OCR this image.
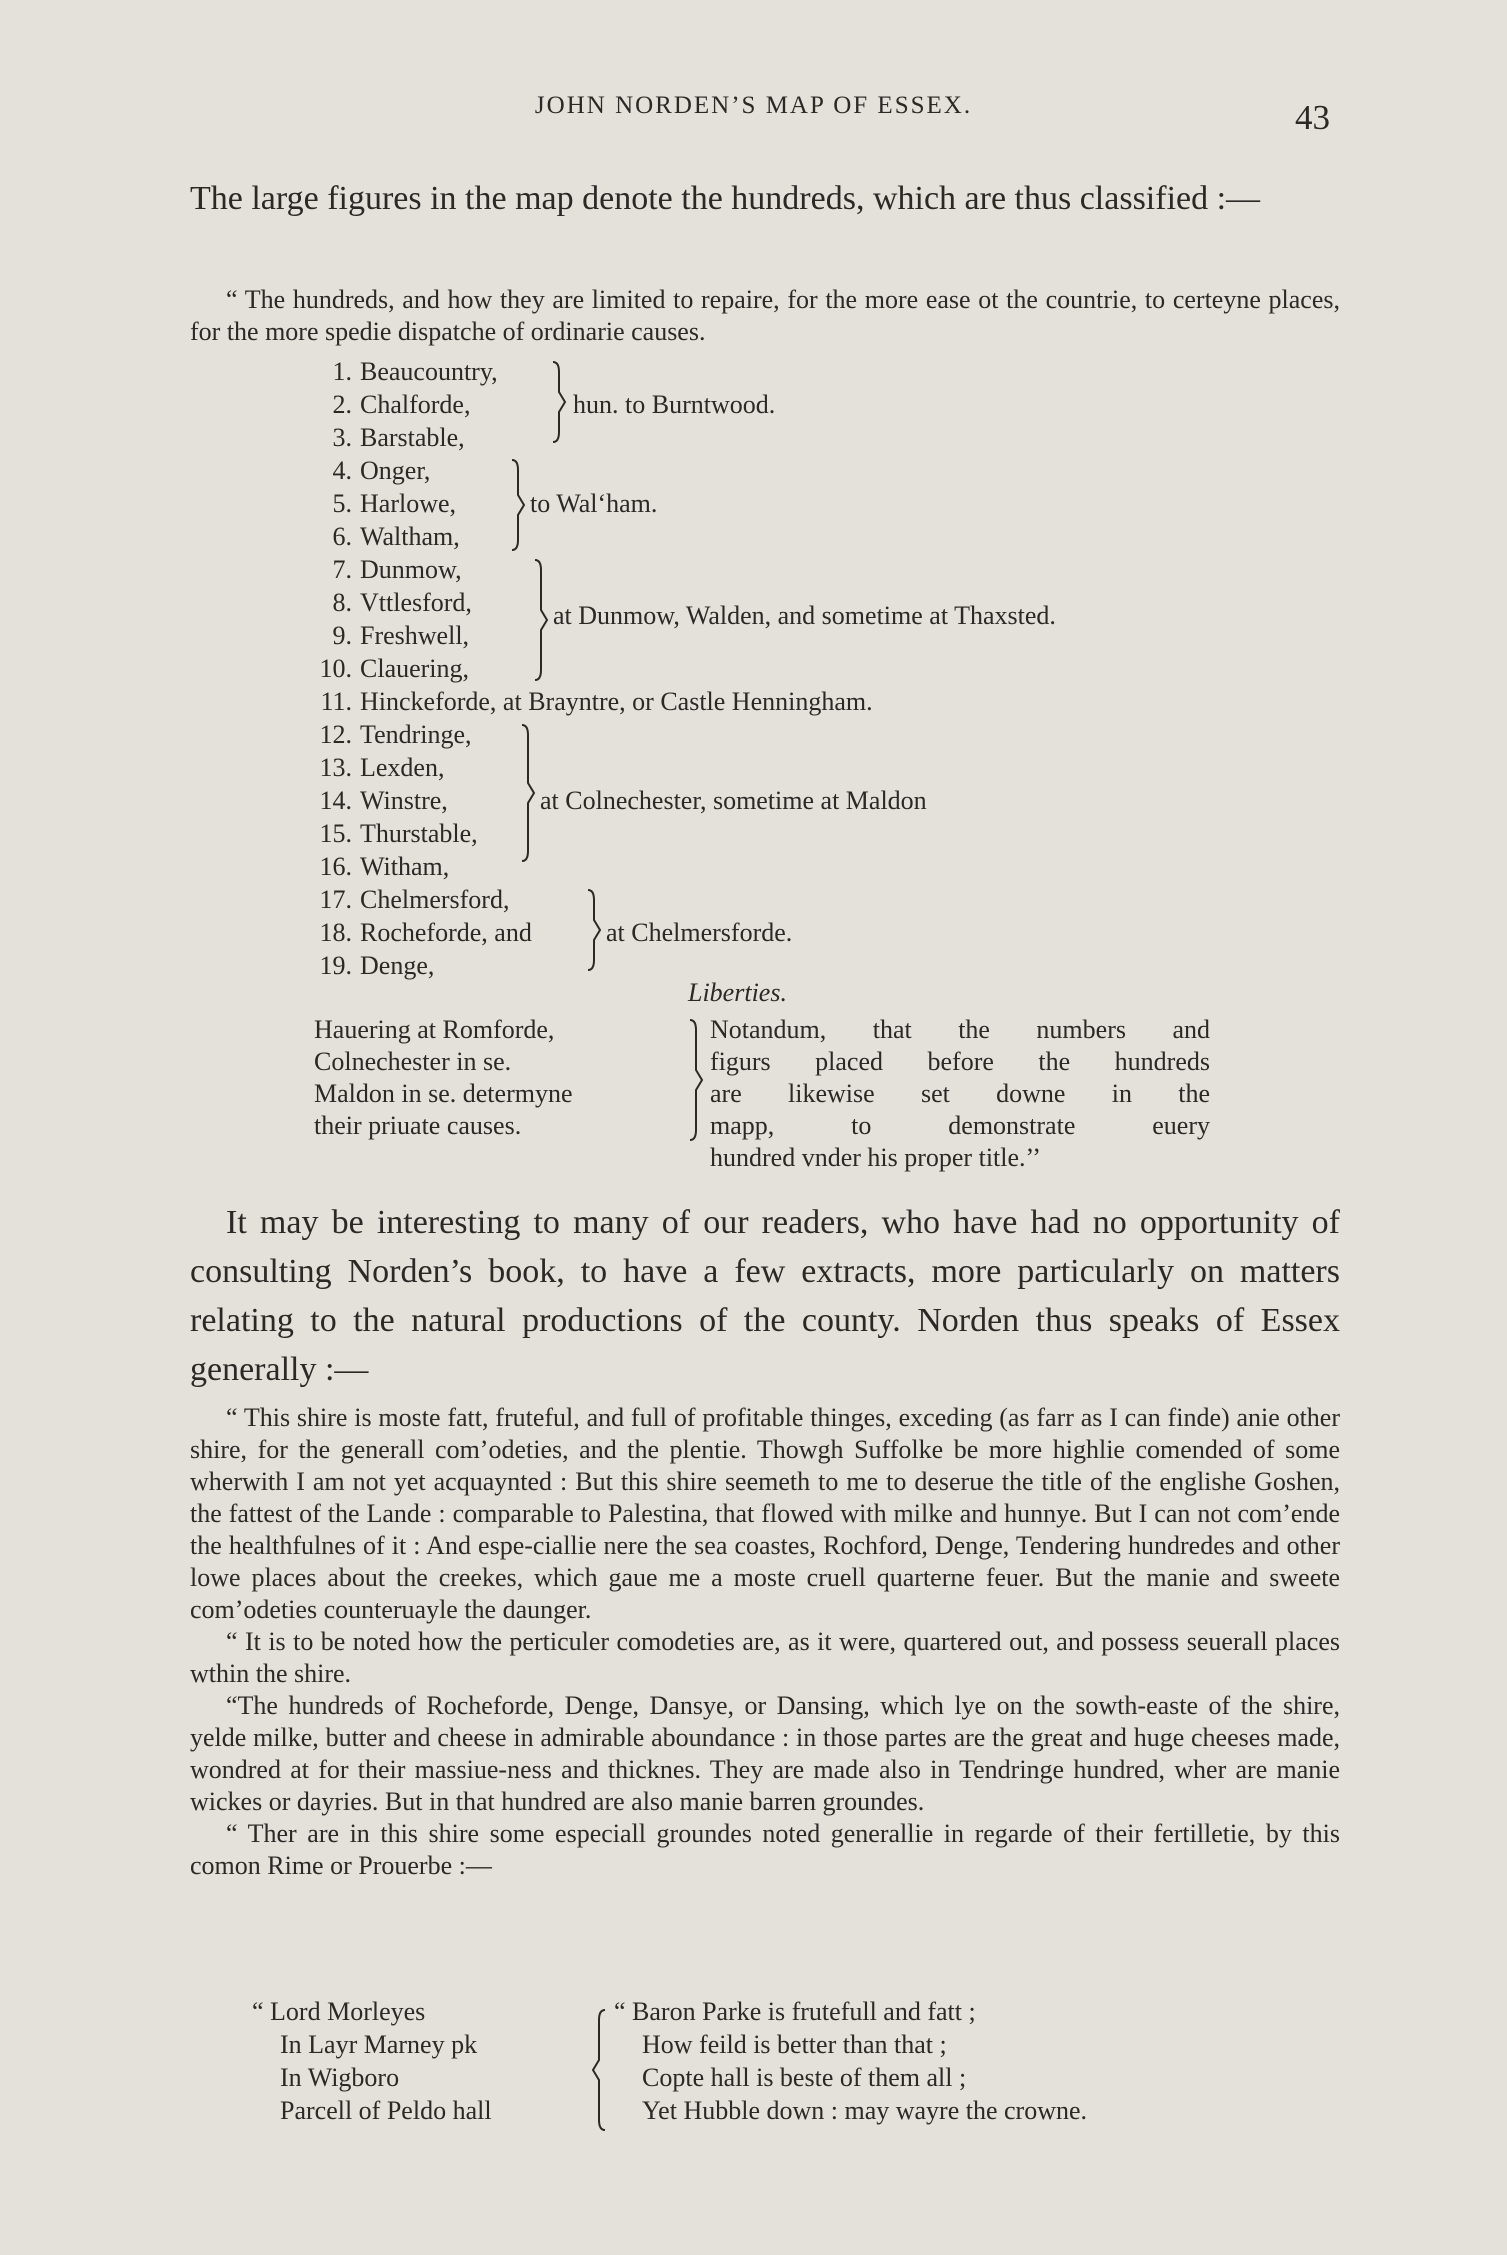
JOHN NORDEN’S MAP OF ESSEX.	43

The large figures in the map denote the hundreds, which are thus classified :—

“ The hundreds, and how they are limited to repaire, for the more ease ot the countrie, to certeyne places, for the more spedie dispatche of ordinarie causes.

1. Beaucountry,
2. Chalforde,
3. Barstable,
4. Onger,
5. Harlowe,
6. Waltham,
7. Dunmow,
8. Vttlesford,
9. Freshwell,
10. Clauering,
11. Hinckeforde, at Brayntre, or Castle Henningham.
12. Tendringe,
13. Lexden,
14. Winstre,
15. Thurstable,
16. Witham,
17. Chelmersford,
18. Rocheforde, and
19. Denge,
hun. to Burntwood.
to Walʻham.
at Dunmow, Walden, and sometime at Thaxsted.
at Colnechester, sometime at Maldon
at Chelmersforde.
Liberties.
Hauering at Romforde,
Colnechester in se.
Maldon in se. determyne
their priuate causes.
Notandum, that the numbers and
figurs placed before the hundreds
are likewise set downe in the
mapp, to demonstrate euery
hundred vnder his proper title.’’

It may be interesting to many of our readers, who have had no opportunity of consulting Norden’s book, to have a few extracts, more particularly on matters relating to the natural productions of the county. Norden thus speaks of Essex generally :—

“ This shire is moste fatt, fruteful, and full of profitable thinges, exceding (as farr as I can finde) anie other shire, for the generall com’odeties, and the plentie. Thowgh Suffolke be more highlie comended of some wherwith I am not yet acquaynted : But this shire seemeth to me to deserue the title of the englishe Goshen, the fattest of the Lande : comparable to Palestina, that flowed with milke and hunnye. But I can not com’ende the healthfulnes of it : And espe-ciallie nere the sea coastes, Rochford, Denge, Tendering hundredes and other lowe places about the creekes, which gaue me a moste cruell quarterne feuer. But the manie and sweete com’odeties counteruayle the daunger.

“ It is to be noted how the perticuler comodeties are, as it were, quartered out, and possess seuerall places wthin the shire.

“The hundreds of Rocheforde, Denge, Dansye, or Dansing, which lye on the sowth-easte of the shire, yelde milke, butter and cheese in admirable aboundance : in those partes are the great and huge cheeses made, wondred at for their massiue-ness and thicknes. They are made also in Tendringe hundred, wher are manie wickes or dayries. But in that hundred are also manie barren groundes.

“ Ther are in this shire some especiall groundes noted generallie in regarde of their fertilletie, by this comon Rime or Prouerbe :—

“ Lord Morleyes
In Layr Marney pk
In Wigboro
Parcell of Peldo hall
“ Baron Parke is frutefull and fatt ;
How feild is better than that ;
Copte hall is beste of them all ;
Yet Hubble down : may wayre the crowne.
